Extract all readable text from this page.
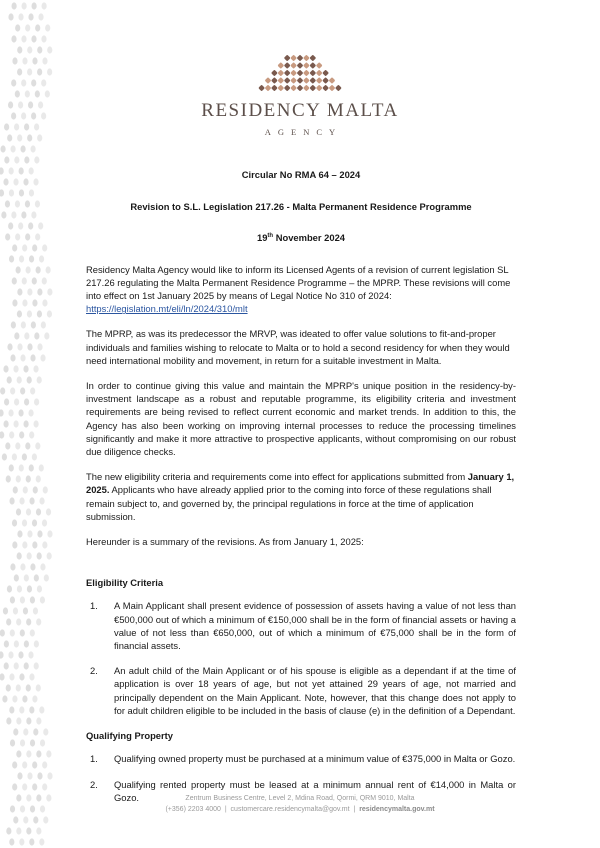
RESIDENCY MALTA
AGENCY
Circular No RMA 64 – 2024
Revision to S.L. Legislation 217.26 - Malta Permanent Residence Programme
19th November 2024

Residency Malta Agency would like to inform its Licensed Agents of a revision of current legislation SL 217.26 regulating the Malta Permanent Residence Programme – the MPRP. These revisions will come into effect on 1st January 2025 by means of Legal Notice No 310 of 2024:
https://legislation.mt/eli/ln/2024/310/mlt

The MPRP, as was its predecessor the MRVP, was ideated to offer value solutions to fit-and-proper individuals and families wishing to relocate to Malta or to hold a second residency for when they would need international mobility and movement, in return for a suitable investment in Malta.

In order to continue giving this value and maintain the MPRP's unique position in the residency-by-investment landscape as a robust and reputable programme, its eligibility criteria and investment requirements are being revised to reflect current economic and market trends. In addition to this, the Agency has also been working on improving internal processes to reduce the processing timelines significantly and make it more attractive to prospective applicants, without compromising on our robust due diligence checks.

The new eligibility criteria and requirements come into effect for applications submitted from January 1, 2025. Applicants who have already applied prior to the coming into force of these regulations shall remain subject to, and governed by, the principal regulations in force at the time of application submission.

Hereunder is a summary of the revisions. As from January 1, 2025:

Eligibility Criteria
1.	A Main Applicant shall present evidence of possession of assets having a value of not less than €500,000 out of which a minimum of €150,000 shall be in the form of financial assets or having a value of not less than €650,000, out of which a minimum of €75,000 shall be in the form of financial assets.
2.	An adult child of the Main Applicant or of his spouse is eligible as a dependant if at the time of application is over 18 years of age, but not yet attained 29 years of age, not married and principally dependent on the Main Applicant. Note, however, that this change does not apply to for adult children eligible to be included in the basis of clause (e) in the definition of a Dependant.
Qualifying Property
1.	Qualifying owned property must be purchased at a minimum value of €375,000 in Malta or Gozo.
2.	Qualifying rented property must be leased at a minimum annual rent of €14,000 in Malta or Gozo.	Zentrum Business Centre, Level 2, Mdina Road, Qormi, QRM 9010, Malta
(+356) 2203 4000 | customercare.residencymalta@gov.mt | residencymalta.gov.mt
